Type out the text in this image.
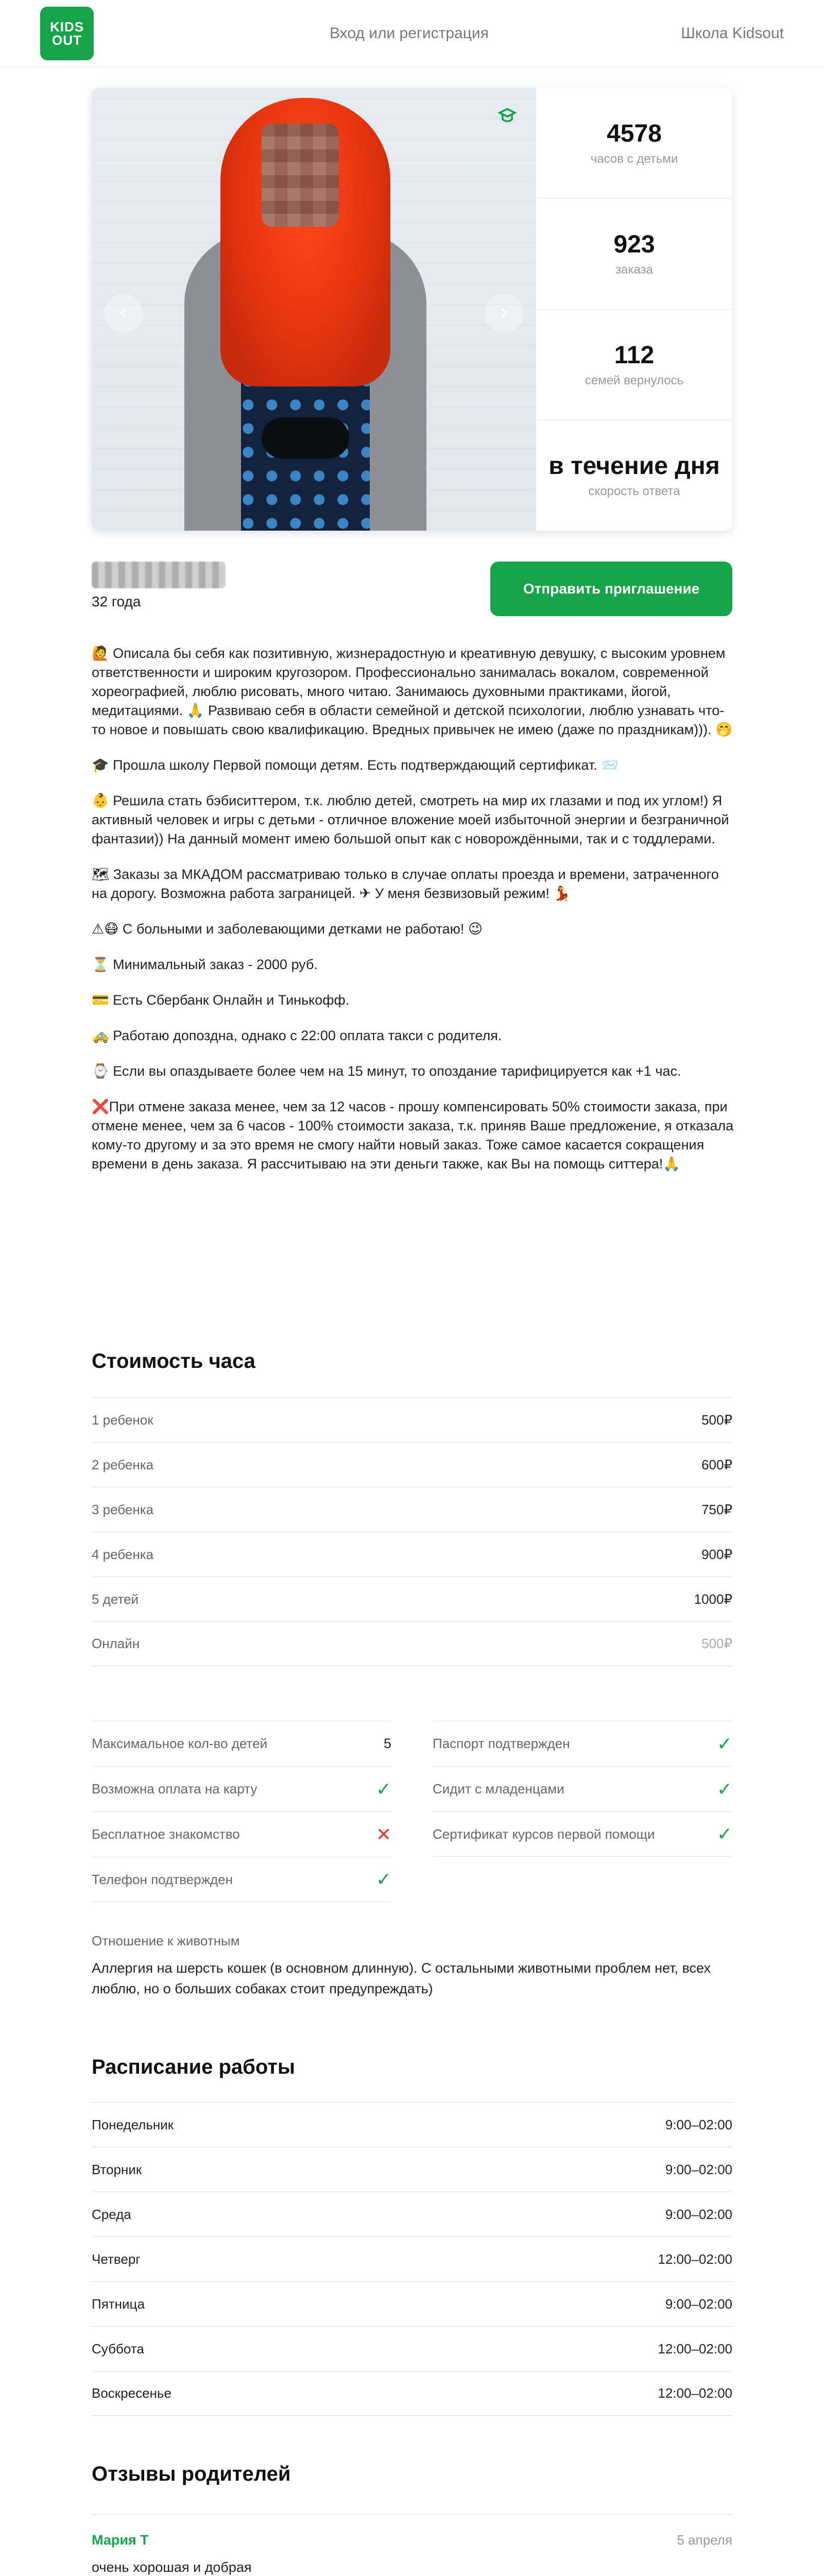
KIDS
OUT	Вход или регистрация	Школа Kidsout
‹	›
4578
часов с детьми
923
заказа
112
семей вернулось
в течение дня
скорость ответа
32 года
Отправить приглашение

🙋 Описала бы себя как позитивную, жизнерадостную и креативную девушку, с высоким уровнем ответственности и широким кругозором. Профессионально занималась вокалом, современной хореографией, люблю рисовать, много читаю. Занимаюсь духовными практиками, йогой, медитациями. 🙏 Развиваю себя в области семейной и детской психологии, люблю узнавать что-то новое и повышать свою квалификацию. Вредных привычек не имею (даже по праздникам))). 🤭

🎓 Прошла школу Первой помощи детям. Есть подтверждающий сертификат. 📨

👶 Решила стать бэбиситтером, т.к. люблю детей, смотреть на мир их глазами и под их углом!) Я активный человек и игры с детьми - отличное вложение моей избыточной энергии и безграничной фантазии)) На данный момент имею большой опыт как с новорождёнными, так и с тоддлерами.

🗺 Заказы за МКАДОМ рассматриваю только в случае оплаты проезда и времени, затраченного на дорогу. Возможна работа заграницей. ✈ У меня безвизовый режим! 💃

⚠😷 С больными и заболевающими детками не работаю! 😉

⏳ Минимальный заказ - 2000 руб.

💳 Есть Сбербанк Онлайн и Тинькофф.

🚕 Работаю допоздна, однако с 22:00 оплата такси с родителя.

⌚ Если вы опаздываете более чем на 15 минут, то опоздание тарифицируется как +1 час.

❌При отмене заказа менее, чем за 12 часов - прошу компенсировать 50% стоимости заказа, при отмене менее, чем за 6 часов - 100% стоимости заказа, т.к. приняв Ваше предложение, я отказала кому-то другому и за это время не смогу найти новый заказ. Тоже самое касается сокращения времени в день заказа. Я рассчитываю на эти деньги также, как Вы на помощь ситтера!🙏

Стоимость часа
1 ребенок	500₽
2 ребенка	600₽
3 ребенка	750₽
4 ребенка	900₽
5 детей	1000₽
Онлайн	500₽
Максимальное кол-во детей	5
Возможна оплата на карту	✓
Бесплатное знакомство	✕
Телефон подтвержден	✓
Паспорт подтвержден	✓
Сидит с младенцами	✓
Сертификат курсов первой помощи	✓
Отношение к животным
Аллергия на шерсть кошек (в основном длинную). С остальными животными проблем нет, всех люблю, но о больших собаках стоит предупреждать)
Расписание работы
Понедельник	9:00–02:00
Вторник	9:00–02:00
Среда	9:00–02:00
Четверг	12:00–02:00
Пятница	9:00–02:00
Суббота	12:00–02:00
Воскресенье	12:00–02:00
Отзывы родителей
Мария Т	5 апреля
очень хорошая и добрая
